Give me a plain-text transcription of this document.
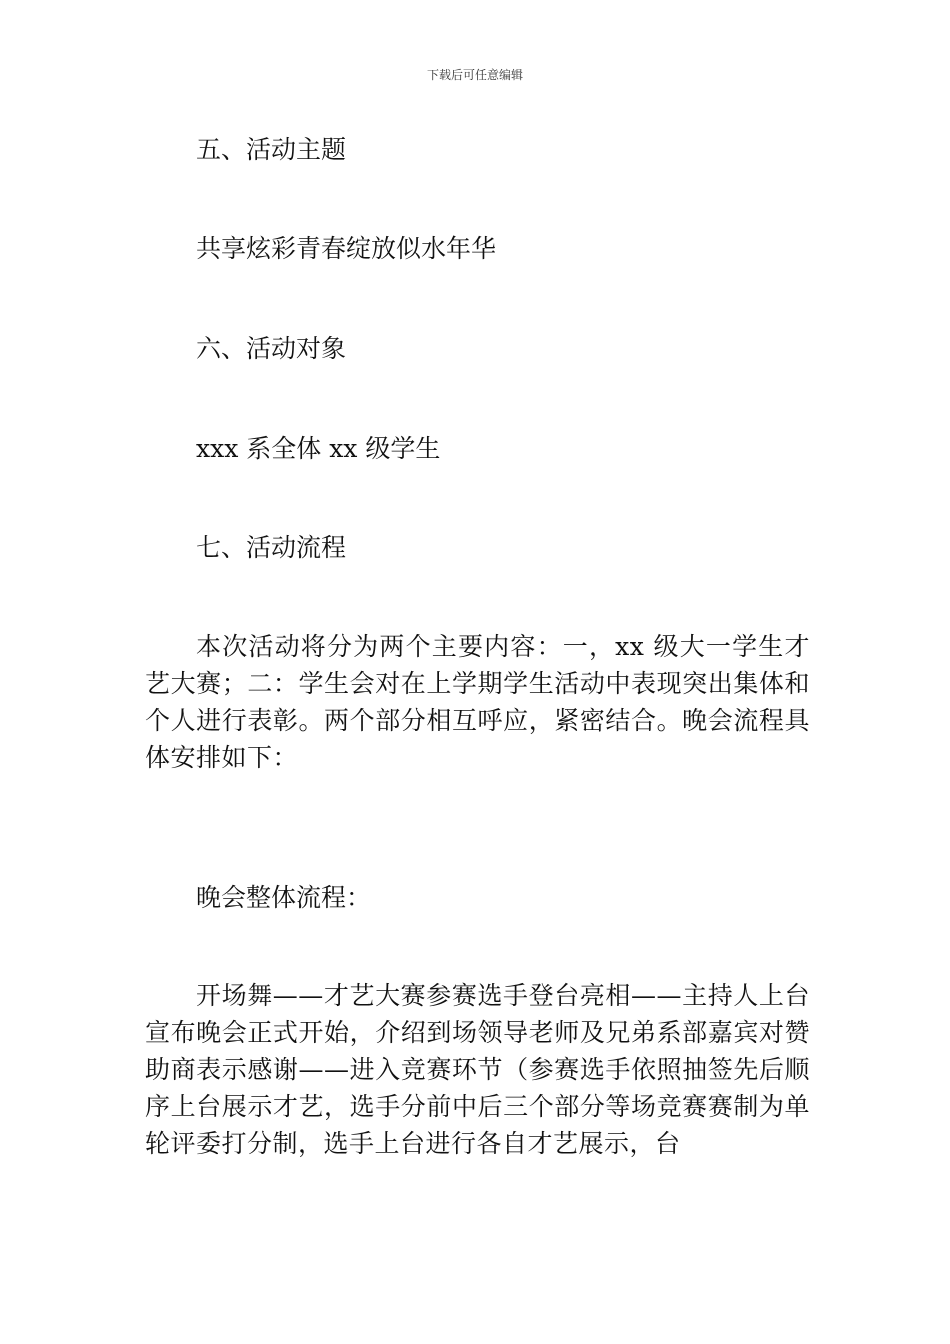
下载后可任意编辑
五、活动主题
共享炫彩青春绽放似水年华
六、活动对象
xxx 系全体 xx 级学生
七、活动流程
本次活动将分为两个主要内容：一，xx 级大一学生才艺大赛；二：学生会对在上学期学生活动中表现突出集体和个人进行表彰。两个部分相互呼应，紧密结合。晚会流程具体安排如下：
晚会整体流程：
开场舞——才艺大赛参赛选手登台亮相——主持人上台宣布晚会正式开始，介绍到场领导老师及兄弟系部嘉宾对赞助商表示感谢——进入竞赛环节（参赛选手依照抽签先后顺序上台展示才艺，选手分前中后三个部分等场竞赛赛制为单轮评委打分制，选手上台进行各自才艺展示，台
